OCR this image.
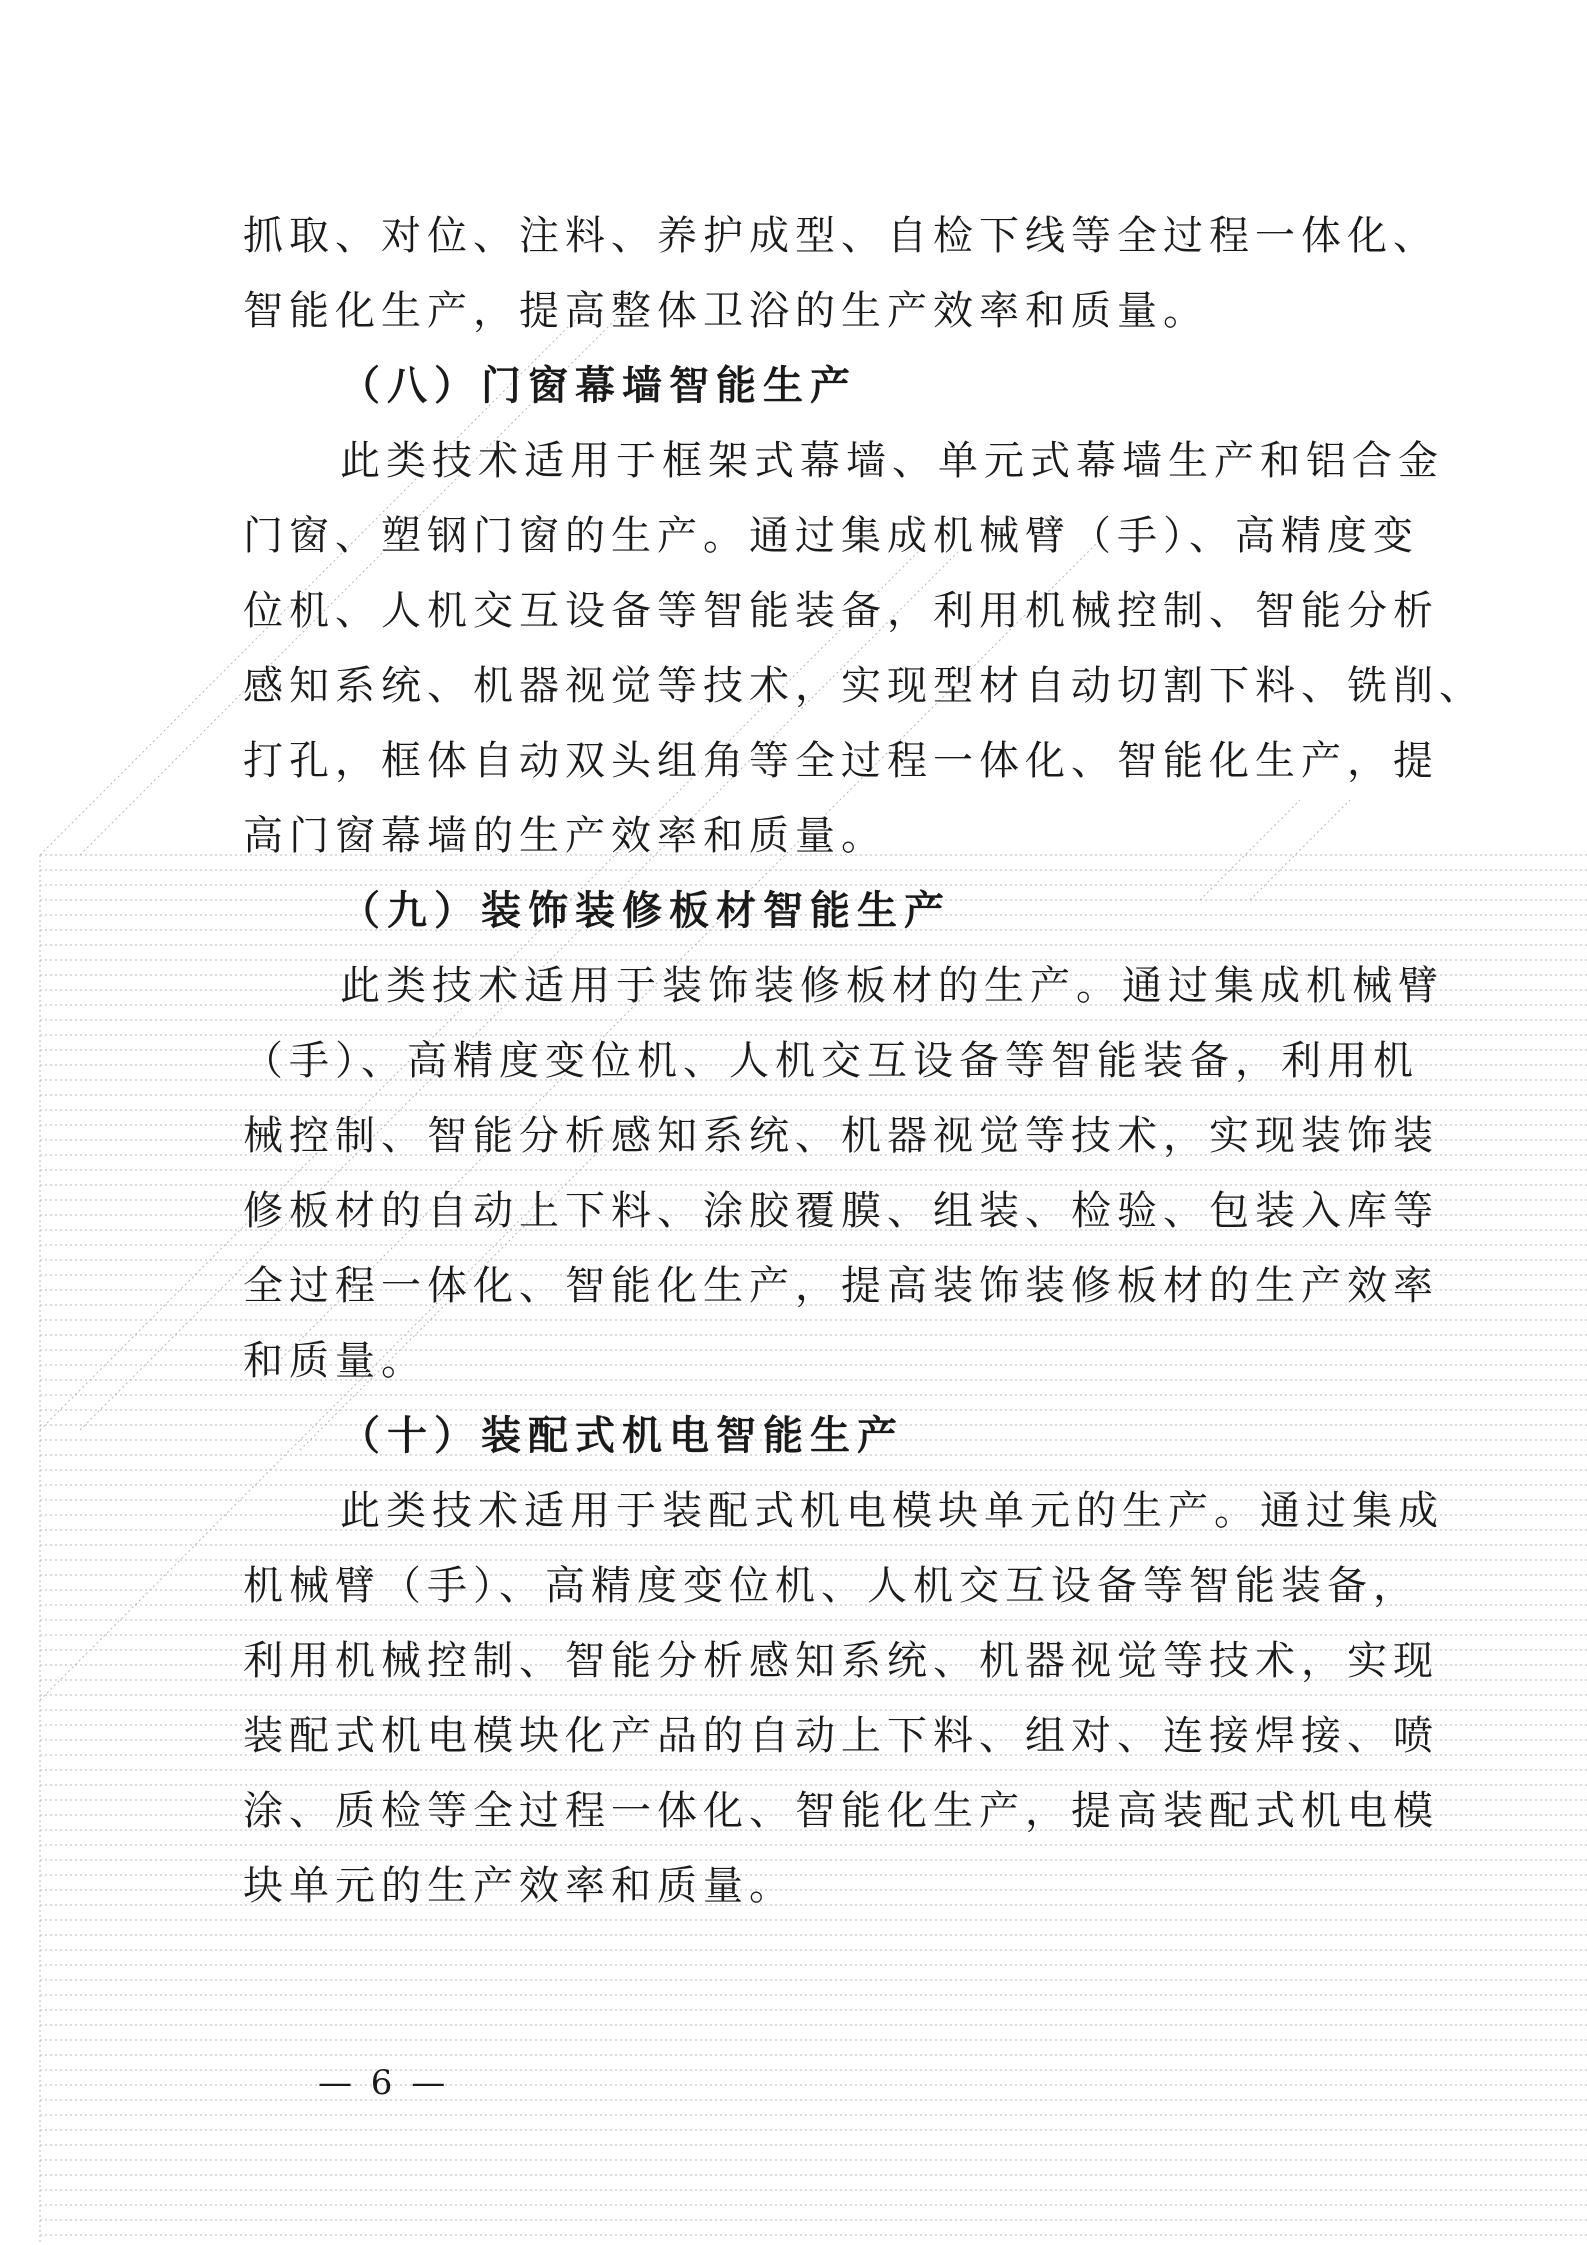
抓取、对位、注料、养护成型、自检下线等全过程一体化、
智能化生产，提高整体卫浴的生产效率和质量。
（八）门窗幕墙智能生产
此类技术适用于框架式幕墙、单元式幕墙生产和铝合金
门窗、塑钢门窗的生产。通过集成机械臂（手）、高精度变
位机、人机交互设备等智能装备，利用机械控制、智能分析
感知系统、机器视觉等技术，实现型材自动切割下料、铣削、
打孔，框体自动双头组角等全过程一体化、智能化生产，提
高门窗幕墙的生产效率和质量。
（九）装饰装修板材智能生产
此类技术适用于装饰装修板材的生产。通过集成机械臂
（手）、高精度变位机、人机交互设备等智能装备，利用机
械控制、智能分析感知系统、机器视觉等技术，实现装饰装
修板材的自动上下料、涂胶覆膜、组装、检验、包装入库等
全过程一体化、智能化生产，提高装饰装修板材的生产效率
和质量。
（十）装配式机电智能生产
此类技术适用于装配式机电模块单元的生产。通过集成
机械臂（手）、高精度变位机、人机交互设备等智能装备，
利用机械控制、智能分析感知系统、机器视觉等技术，实现
装配式机电模块化产品的自动上下料、组对、连接焊接、喷
涂、质检等全过程一体化、智能化生产，提高装配式机电模
块单元的生产效率和质量。
— 6 —
